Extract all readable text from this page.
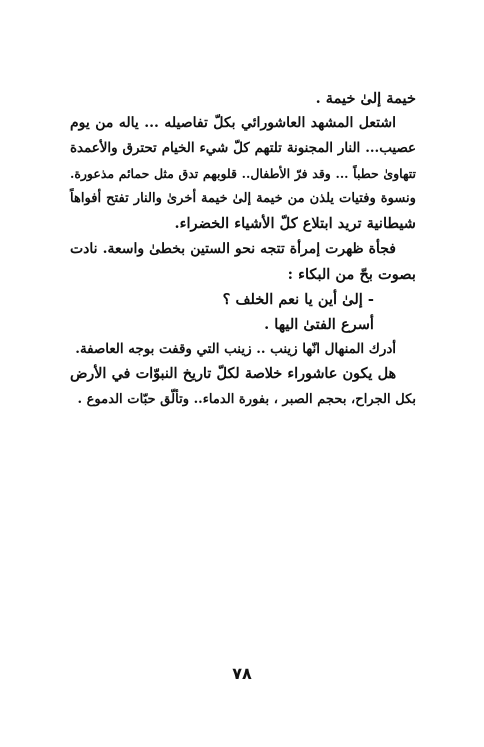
خيمة إلىٰ خيمة .
اشتعل المشهد العاشورائي بكلّ تفاصيله ... ياله من يوم
عصيب... النار المجنونة تلتهم كلّ شيء الخيام تحترق والأعمدة
تتهاوىٰ حطباً ... وقد فرّ الأطفال.. قلوبهم تدق مثل حمائم مذعورة.
ونسوة وفتيات يلذن من خيمة إلىٰ خيمة أخرىٰ والنار تفتح أفواهاً
شيطانية تريد ابتلاع كلّ الأشياء الخضراء.
فجأة ظهرت إمرأة تتجه نحو الستين بخطىٰ واسعة. نادت
بصوت بحّ من البكاء :
- إلىٰ أين يا نعم الخلف ؟
أسرع الفتىٰ اليها .
أدرك المنهال انّها زينب .. زينب التي وقفت بوجه العاصفة.
هل يكون عاشوراء خلاصة لكلّ تاريخ النبوّات في الأرض
بكل الجراح، بحجم الصبر ، بفورة الدماء.. وتألّق حبّات الدموع .
٧٨
